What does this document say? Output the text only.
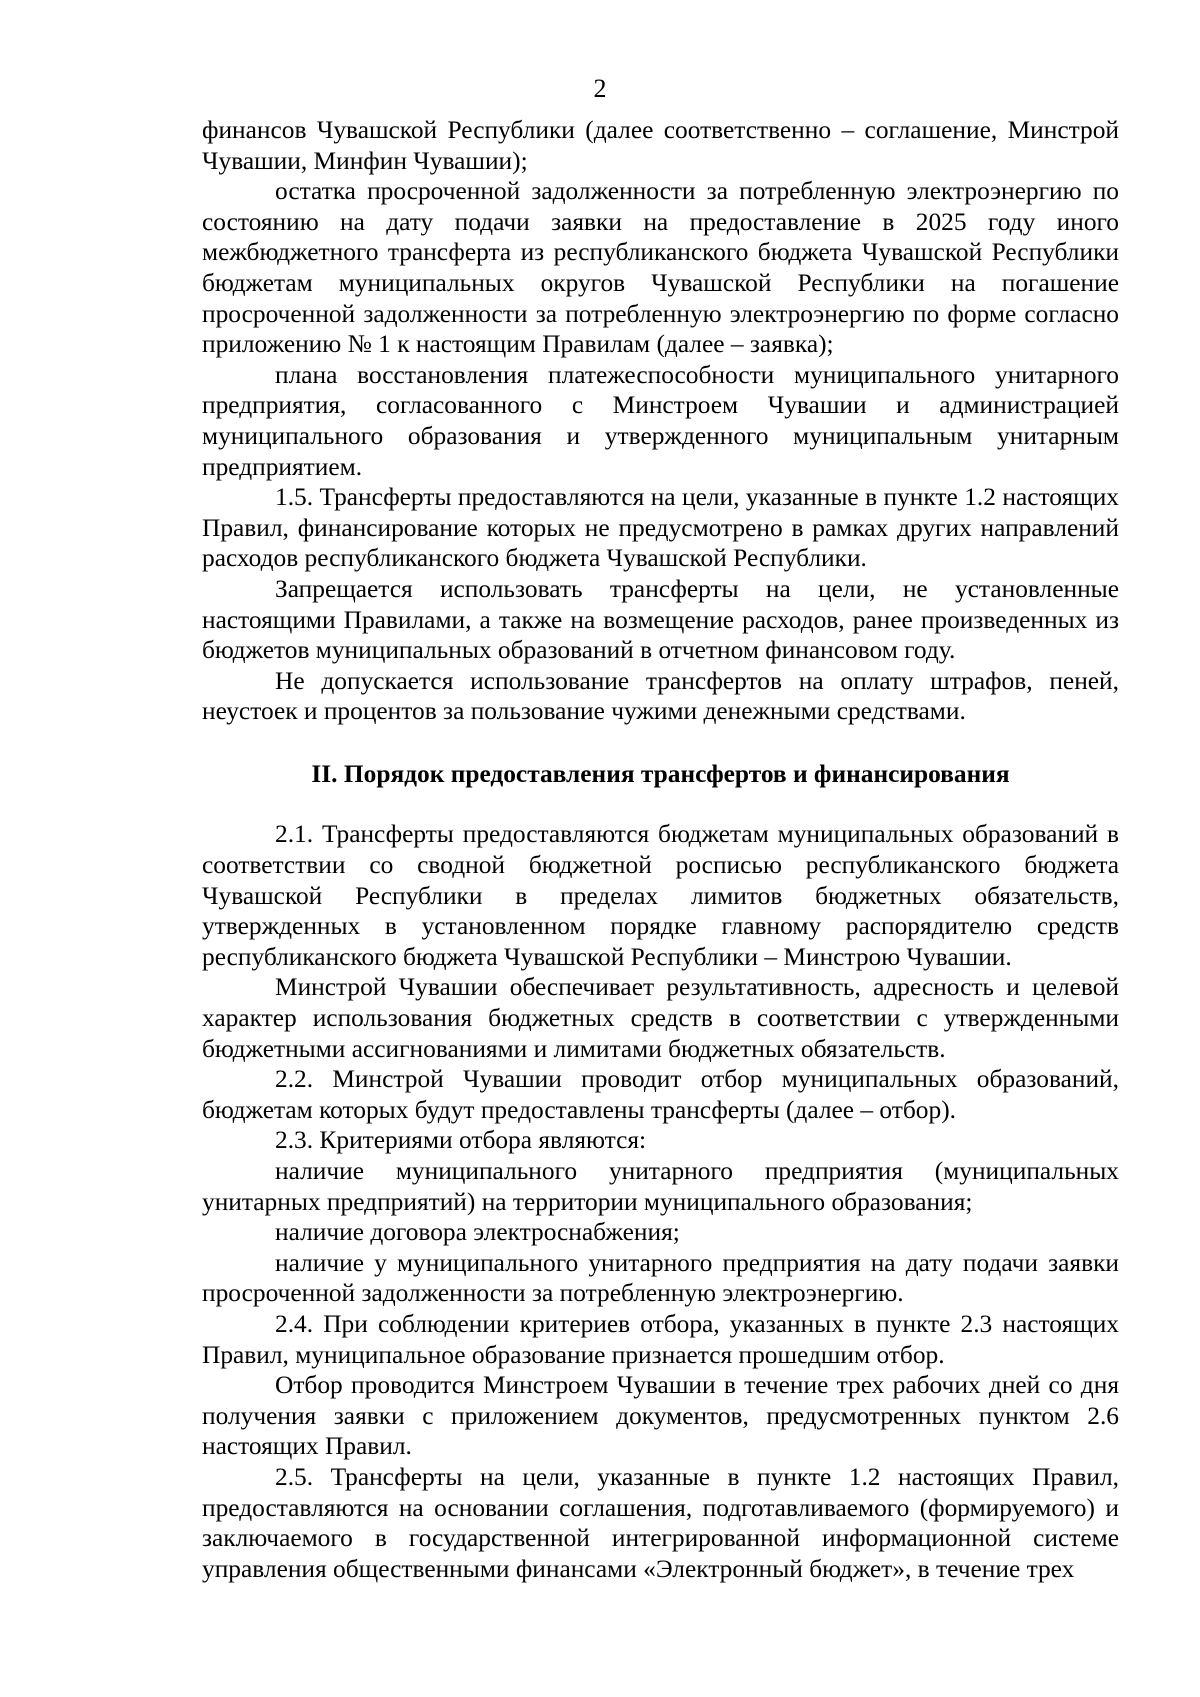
2

финансов Чувашской Республики (далее соответственно – соглашение, Минстрой Чувашии, Минфин Чувашии);

остатка просроченной задолженности за потребленную электроэнергию по состоянию на дату подачи заявки на предоставление в 2025 году иного межбюджетного трансферта из республиканского бюджета Чувашской Республики бюджетам муниципальных округов Чувашской Республики на погашение просроченной задолженности за потребленную электроэнергию по форме согласно приложению № 1 к настоящим Правилам (далее – заявка);

плана восстановления платежеспособности муниципального унитарного предприятия, согласованного с Минстроем Чувашии и администрацией муниципального образования и утвержденного муниципальным унитарным предприятием.

1.5. Трансферты предоставляются на цели, указанные в пункте 1.2 настоящих Правил, финансирование которых не предусмотрено в рамках других направлений расходов республиканского бюджета Чувашской Республики.

Запрещается использовать трансферты на цели, не установленные настоящими Правилами, а также на возмещение расходов, ранее произведенных из бюджетов муниципальных образований в отчетном финансовом году.

Не допускается использование трансфертов на оплату штрафов, пеней, неустоек и процентов за пользование чужими денежными средствами.

II. Порядок предоставления трансфертов и финансирования

2.1. Трансферты предоставляются бюджетам муниципальных образований в соответствии со сводной бюджетной росписью республиканского бюджета Чувашской Республики в пределах лимитов бюджетных обязательств, утвержденных в установленном порядке главному распорядителю средств республиканского бюджета Чувашской Республики – Минстрою Чувашии.

Минстрой Чувашии обеспечивает результативность, адресность и целевой характер использования бюджетных средств в соответствии с утвержденными бюджетными ассигнованиями и лимитами бюджетных обязательств.

2.2. Минстрой Чувашии проводит отбор муниципальных образований, бюджетам которых будут предоставлены трансферты (далее – отбор).

2.3. Критериями отбора являются:

наличие муниципального унитарного предприятия (муниципальных унитарных предприятий) на территории муниципального образования;

наличие договора электроснабжения;

наличие у муниципального унитарного предприятия на дату подачи заявки просроченной задолженности за потребленную электроэнергию.

2.4. При соблюдении критериев отбора, указанных в пункте 2.3 настоящих Правил, муниципальное образование признается прошедшим отбор.

Отбор проводится Минстроем Чувашии в течение трех рабочих дней со дня получения заявки с приложением документов, предусмотренных пунктом 2.6 настоящих Правил.

2.5. Трансферты на цели, указанные в пункте 1.2 настоящих Правил, предоставляются на основании соглашения, подготавливаемого (формируемого) и заключаемого в государственной интегрированной информационной системе управления общественными финансами «Электронный бюджет», в течение трех
